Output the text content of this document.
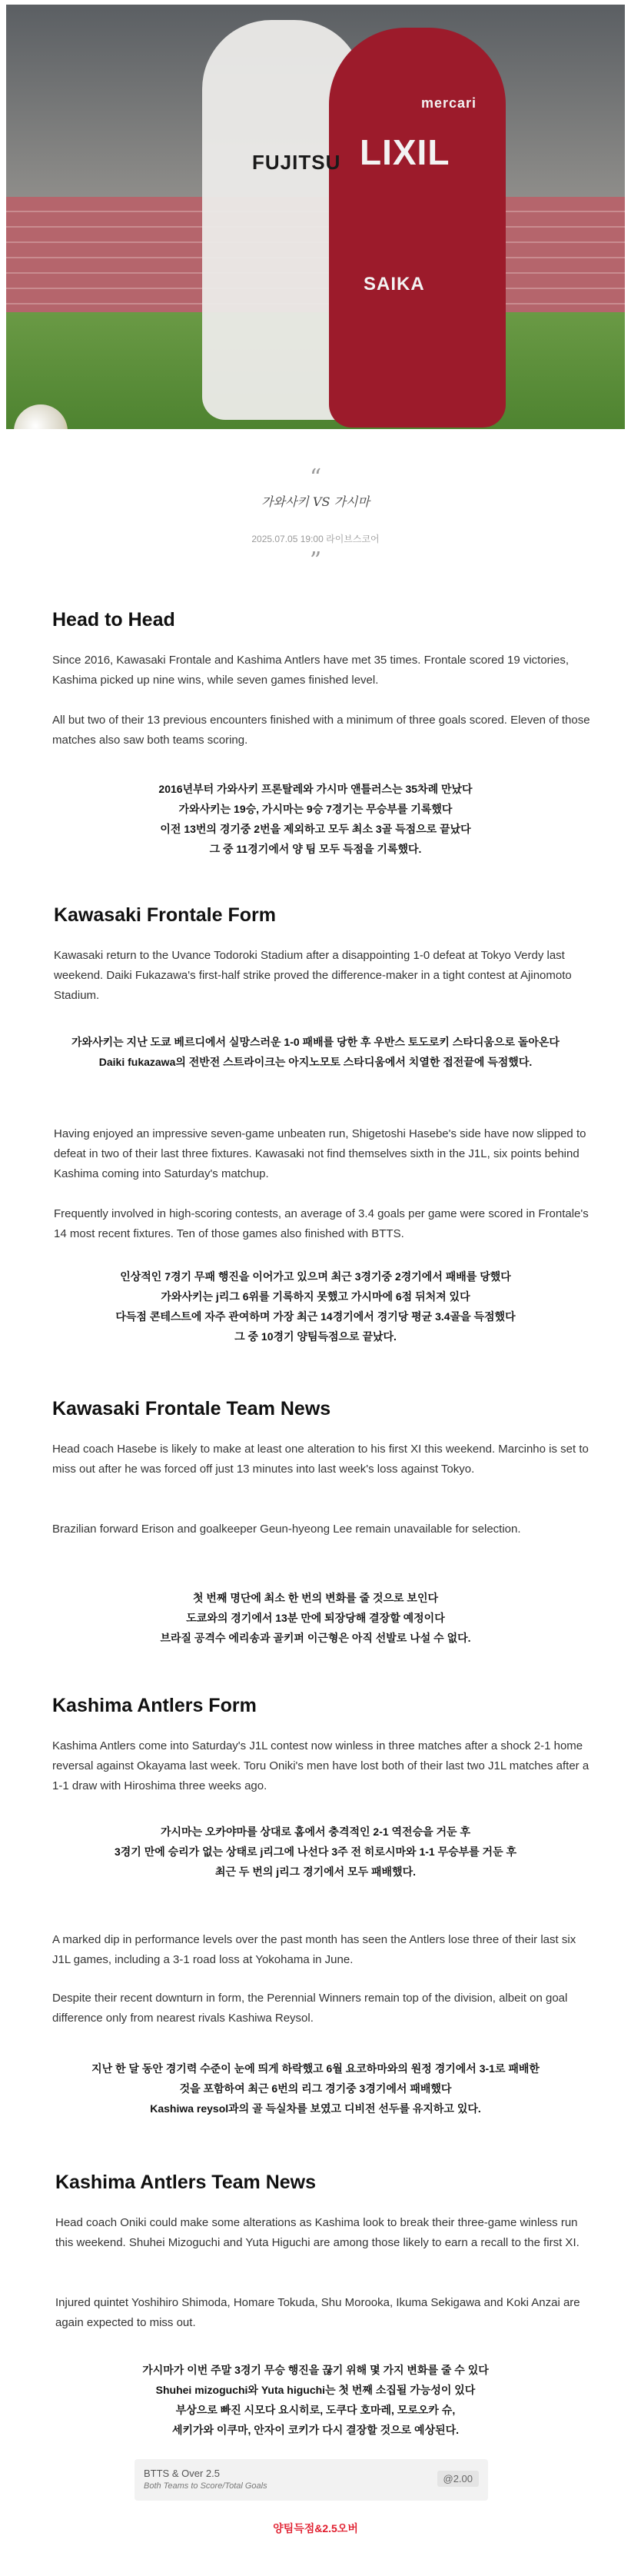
FUJITSU
mercari
LIXIL
SAIKA
“
가와사키 VS 가시마
2025.07.05 19:00 라이브스코어
”
Head to Head

Since 2016, Kawasaki Frontale and Kashima Antlers have met 35 times. Frontale scored 19 victories, Kashima picked up nine wins, while seven games finished level.

All but two of their 13 previous encounters finished with a minimum of three goals scored. Eleven of those matches also saw both teams scoring.

2016년부터 가와사키 프론탈레와 가시마 앤틀러스는 35차례 만났다

가와사키는 19승, 가시마는 9승 7경기는 무승부를 기록했다

이전 13번의 경기중 2번을 제외하고 모두 최소 3골 득점으로 끝났다

그 중 11경기에서 양 팀 모두 득점을 기록했다.

Kawasaki Frontale Form

Kawasaki return to the Uvance Todoroki Stadium after a disappointing 1-0 defeat at Tokyo Verdy last weekend. Daiki Fukazawa's first-half strike proved the difference-maker in a tight contest at Ajinomoto Stadium.

가와사키는 지난 도쿄 베르디에서 실망스러운 1-0 패배를 당한 후 우반스 토도로키 스타디움으로 돌아온다

Daiki fukazawa의 전반전 스트라이크는 아지노모토 스타디움에서 치열한 접전끝에 득점했다.

Having enjoyed an impressive seven-game unbeaten run, Shigetoshi Hasebe's side have now slipped to defeat in two of their last three fixtures. Kawasaki not find themselves sixth in the J1L, six points behind Kashima coming into Saturday's matchup.

Frequently involved in high-scoring contests, an average of 3.4 goals per game were scored in Frontale's 14 most recent fixtures. Ten of those games also finished with BTTS.

인상적인 7경기 무패 행진을 이어가고 있으며 최근 3경기중 2경기에서 패배를 당했다

가와사키는 j리그 6위를 기록하지 못했고 가시마에 6점 뒤처져 있다

다득점 콘테스트에 자주 관여하며 가장 최근 14경기에서 경기당 평균 3.4골을 득점했다

그 중 10경기 양팀득점으로 끝났다.

Kawasaki Frontale Team News

Head coach Hasebe is likely to make at least one alteration to his first XI this weekend. Marcinho is set to miss out after he was forced off just 13 minutes into last week's loss against Tokyo.

Brazilian forward Erison and goalkeeper Geun-hyeong Lee remain unavailable for selection.

첫 번째 명단에 최소 한 번의 변화를 줄 것으로 보인다

도쿄와의 경기에서 13분 만에 퇴장당해 결장할 예정이다

브라질 공격수 에리송과 골키퍼 이근형은 아직 선발로 나설 수 없다.

Kashima Antlers Form

Kashima Antlers come into Saturday's J1L contest now winless in three matches after a shock 2-1 home reversal against Okayama last week. Toru Oniki's men have lost both of their last two J1L matches after a 1-1 draw with Hiroshima three weeks ago.

가시마는 오카야마를 상대로 홈에서 충격적인 2-1 역전승을 거둔 후

3경기 만에 승리가 없는 상태로 j리그에 나선다 3주 전 히로시마와 1-1 무승부를 거둔 후

최근 두 번의 j리그 경기에서 모두 패배했다.

A marked dip in performance levels over the past month has seen the Antlers lose three of their last six J1L games, including a 3-1 road loss at Yokohama in June.

Despite their recent downturn in form, the Perennial Winners remain top of the division, albeit on goal difference only from nearest rivals Kashiwa Reysol.

지난 한 달 동안 경기력 수준이 눈에 띄게 하락했고 6월 요코하마와의 원정 경기에서 3-1로 패배한

것을 포함하여 최근 6번의 리그 경기중 3경기에서 패배했다

Kashiwa reysol과의 골 득실차를 보였고 디비전 선두를 유지하고 있다.

Kashima Antlers Team News

Head coach Oniki could make some alterations as Kashima look to break their three-game winless run this weekend. Shuhei Mizoguchi and Yuta Higuchi are among those likely to earn a recall to the first XI.

Injured quintet Yoshihiro Shimoda, Homare Tokuda, Shu Morooka, Ikuma Sekigawa and Koki Anzai are again expected to miss out.

가시마가 이번 주말 3경기 무승 행진을 끊기 위해 몇 가지 변화를 줄 수 있다

Shuhei mizoguchi와 Yuta higuchi는 첫 번째 소집될 가능성이 있다

부상으로 빠진 시모다 요시히로, 도쿠다 호마레, 모로오카 슈,

세키가와 이쿠마, 안자이 코키가 다시 결장할 것으로 예상된다.

BTTS & Over 2.5
Both Teams to Score/Total Goals
@2.00
양팀득점&2.5오버
